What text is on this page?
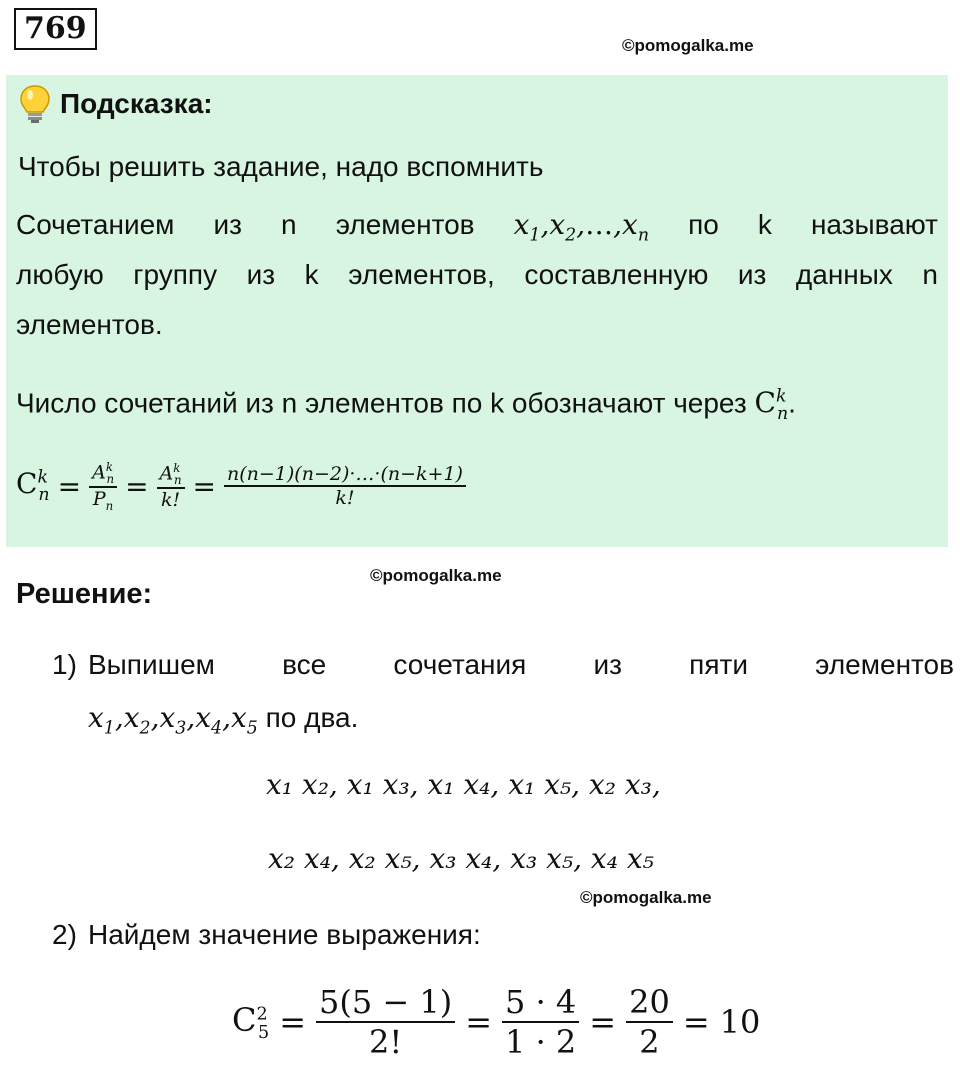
769	©pomogalka.me
Подсказка:
Чтобы решить задание, надо вспомнить
Сочетанием из n элементов $x_1,x_2,\dots,x_n$ по k называют
любую группу из k элементов, составленную из данных n
элементов.
Число сочетаний из n элементов по k обозначают через $C^k_n$.
$C^k_n = \frac{A^k_n}{P_n} = \frac{A^k_n}{k!} = \frac{n(n-1)(n-2)\cdot\dots\cdot(n-k+1)}{k!}$
©pomogalka.me
Решение:
1) Выпишем все сочетания из пяти элементов
$x_1,x_2,x_3,x_4,x_5$ по два.
x₁ x₂, x₁ x₃, x₁ x₄, x₁ x₅, x₂ x₃,
x₂ x₄, x₂ x₅, x₃ x₄, x₃ x₅, x₄ x₅
©pomogalka.me
2) Найдем значение выражения:
$C^2_5 = \frac{5(5 - 1)}{2!} = \frac{5 \cdot 4}{1 \cdot 2} = \frac{20}{2} = 10$
